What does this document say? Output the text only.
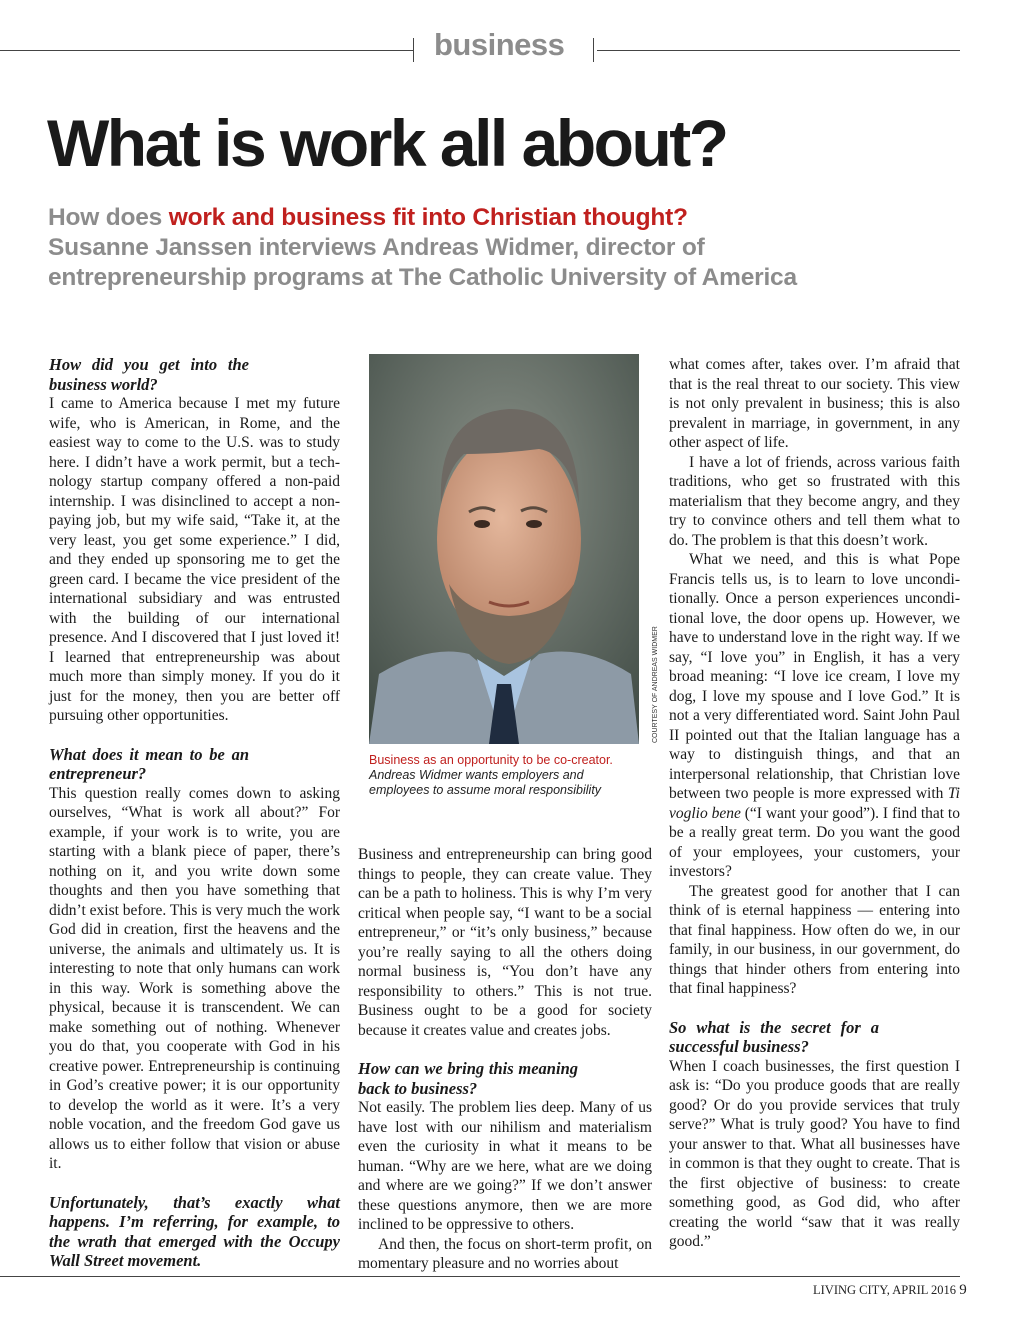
business
What is work all about?
How does work and business fit into Christian thought?
Susanne Janssen interviews Andreas Widmer, director of
entrepreneurship programs at The Catholic University of America

How did you get into the business world?

I came to America because I met my future wife, who is American, in Rome, and the easiest way to come to the U.S. was to study here. I didn’t have a work permit, but a technology startup company offered a non-paid internship. I was disinclined to accept a non-paying job, but my wife said, “Take it, at the very least, you get some experience.” I did, and they ended up sponsoring me to get the green card. I became the vice president of the international subsidiary and was entrusted with the building of our international presence. And I discovered that I just loved it! I learned that entrepreneurship was about much more than simply money. If you do it just for the money, then you are better off pursuing other opportunities.

What does it mean to be an entrepreneur?

This question really comes down to asking ourselves, “What is work all about?” For example, if your work is to write, you are starting with a blank piece of paper, there’s nothing on it, and you write down some thoughts and then you have something that didn’t exist before. This is very much the work God did in creation, first the heavens and the universe, the animals and ultimately us. It is interesting to note that only humans can work in this way. Work is something above the physical, because it is transcendent. We can make something out of nothing. Whenever you do that, you cooperate with God in his creative power. Entrepreneurship is continuing in God’s creative power; it is our opportunity to develop the world as it were. It’s a very noble vocation, and the freedom God gave us allows us to either follow that vision or abuse it.

Unfortunately, that’s exactly what happens. I’m referring, for example, to the wrath that emerged with the Occupy Wall Street movement.

COURTESY OF ANDREAS WIDMER
Business as an opportunity to be co-creator. Andreas Widmer wants employers and employees to assume moral responsibility

Business and entrepreneurship can bring good things to people, they can create value. They can be a path to holiness. This is why I’m very critical when people say, “I want to be a social entrepreneur,” or “it’s only business,” because you’re really saying to all the others doing normal business is, “You don’t have any responsibility to others.” This is not true. Business ought to be a good for society because it creates value and creates jobs.

How can we bring this meaning back to business?

Not easily. The problem lies deep. Many of us have lost with our nihilism and materialism even the curiosity in what it means to be human. “Why are we here, what are we doing and where are we going?” If we don’t answer these questions anymore, then we are more inclined to be oppressive to others.

And then, the focus on short-term profit, on momentary pleasure and no worries about

what comes after, takes over. I’m afraid that that is the real threat to our society. This view is not only prevalent in business; this is also prevalent in marriage, in government, in any other aspect of life.

I have a lot of friends, across various faith traditions, who get so frustrated with this materialism that they become angry, and they try to convince others and tell them what to do. The problem is that this doesn’t work.

What we need, and this is what Pope Francis tells us, is to learn to love unconditionally. Once a person experiences unconditional love, the door opens up. However, we have to understand love in the right way. If we say, “I love you” in English, it has a very broad meaning: “I love ice cream, I love my dog, I love my spouse and I love God.” It is not a very differentiated word. Saint John Paul II pointed out that the Italian language has a way to distinguish things, and that an interpersonal relationship, that Christian love between two people is more expressed with Ti voglio bene (“I want your good”). I find that to be a really great term. Do you want the good of your employees, your customers, your investors?

The greatest good for another that I can think of is eternal happiness — entering into that final happiness. How often do we, in our family, in our business, in our government, do things that hinder others from entering into that final happiness?

So what is the secret for a successful business?

When I coach businesses, the first question I ask is: “Do you produce goods that are really good? Or do you provide services that truly serve?” What is truly good? You have to find your answer to that. What all businesses have in common is that they ought to create. That is the first objective of business: to create something good, as God did, who after creating the world “saw that it was really good.”

LIVING CITY, APRIL 2016 9
